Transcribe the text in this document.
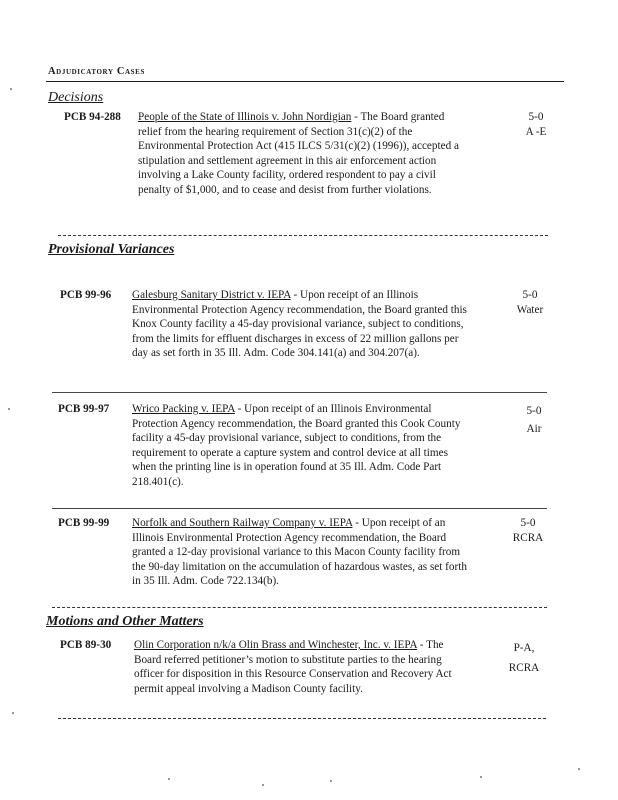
Adjudicatory Cases
Decisions
PCB 94-288 People of the State of Illinois v. John Nordigian - The Board granted relief from the hearing requirement of Section 31(c)(2) of the Environmental Protection Act (415 ILCS 5/31(c)(2) (1996)), accepted a stipulation and settlement agreement in this air enforcement action involving a Lake County facility, ordered respondent to pay a civil penalty of $1,000, and to cease and desist from further violations.
5-0
A -E
Provisional Variances
PCB 99-96 Galesburg Sanitary District v. IEPA - Upon receipt of an Illinois Environmental Protection Agency recommendation, the Board granted this Knox County facility a 45-day provisional variance, subject to conditions, from the limits for effluent discharges in excess of 22 million gallons per day as set forth in 35 Ill. Adm. Code 304.141(a) and 304.207(a).
5-0
Water
PCB 99-97 Wrico Packing v. IEPA - Upon receipt of an Illinois Environmental Protection Agency recommendation, the Board granted this Cook County facility a 45-day provisional variance, subject to conditions, from the requirement to operate a capture system and control device at all times when the printing line is in operation found at 35 Ill. Adm. Code Part 218.401(c).
5-0
Air
PCB 99-99 Norfolk and Southern Railway Company v. IEPA - Upon receipt of an Illinois Environmental Protection Agency recommendation, the Board granted a 12-day provisional variance to this Macon County facility from the 90-day limitation on the accumulation of hazardous wastes, as set forth in 35 Ill. Adm. Code 722.134(b).
5-0
RCRA
Motions and Other Matters
PCB 89-30 Olin Corporation n/k/a Olin Brass and Winchester, Inc. v. IEPA - The Board referred petitioner’s motion to substitute parties to the hearing officer for disposition in this Resource Conservation and Recovery Act permit appeal involving a Madison County facility.
P-A,
RCRA
